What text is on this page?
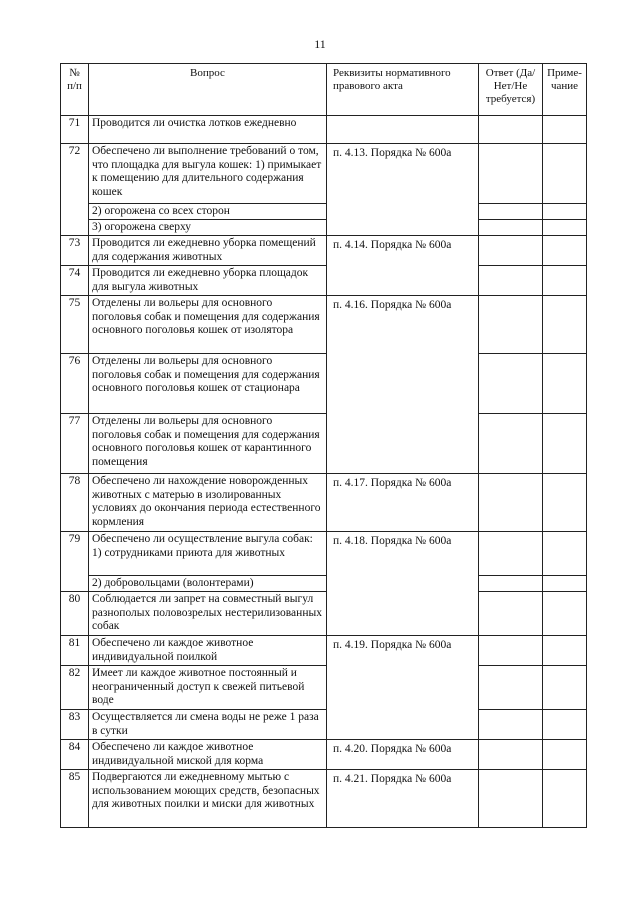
11
№ п/п	Вопрос	Реквизиты нормативного правового акта	Ответ (Да/Нет/Не требуется)	Приме-чание
71	Проводится ли очистка лотков ежедневно			
72	Обеспечено ли выполнение требований о том, что площадка для выгула кошек: 1) примыкает к помещению для длительного содержания кошек	п. 4.13. Порядка № 600а		
	2) огорожена со всех сторон			
	3) огорожена сверху			
73	Проводится ли ежедневно уборка помещений для содержания животных	п. 4.14. Порядка № 600а		
74	Проводится ли ежедневно уборка площадок для выгула животных			
75	Отделены ли вольеры для основного поголовья собак и помещения для содержания основного поголовья кошек от изолятора	п. 4.16. Порядка № 600а		
76	Отделены ли вольеры для основного поголовья собак и помещения для содержания основного поголовья кошек от стационара			
77	Отделены ли вольеры для основного поголовья собак и помещения для содержания основного поголовья кошек от карантинного помещения			
78	Обеспечено ли нахождение новорожденных животных с матерью в изолированных условиях до окончания периода естественного кормления	п. 4.17. Порядка № 600а		
79	Обеспечено ли осуществление выгула собак: 1) сотрудниками приюта для животных	п. 4.18. Порядка № 600а		
	2) добровольцами (волонтерами)			
80	Соблюдается ли запрет на совместный выгул разнополых половозрелых нестерилизованных собак			
81	Обеспечено ли каждое животное индивидуальной поилкой	п. 4.19. Порядка № 600а		
82	Имеет ли каждое животное постоянный и неограниченный доступ к свежей питьевой воде			
83	Осуществляется ли смена воды не реже 1 раза в сутки			
84	Обеспечено ли каждое животное индивидуальной миской для корма	п. 4.20. Порядка № 600а		
85	Подвергаются ли ежедневному мытью с использованием моющих средств, безопасных для животных поилки и миски для животных	п. 4.21. Порядка № 600а		
